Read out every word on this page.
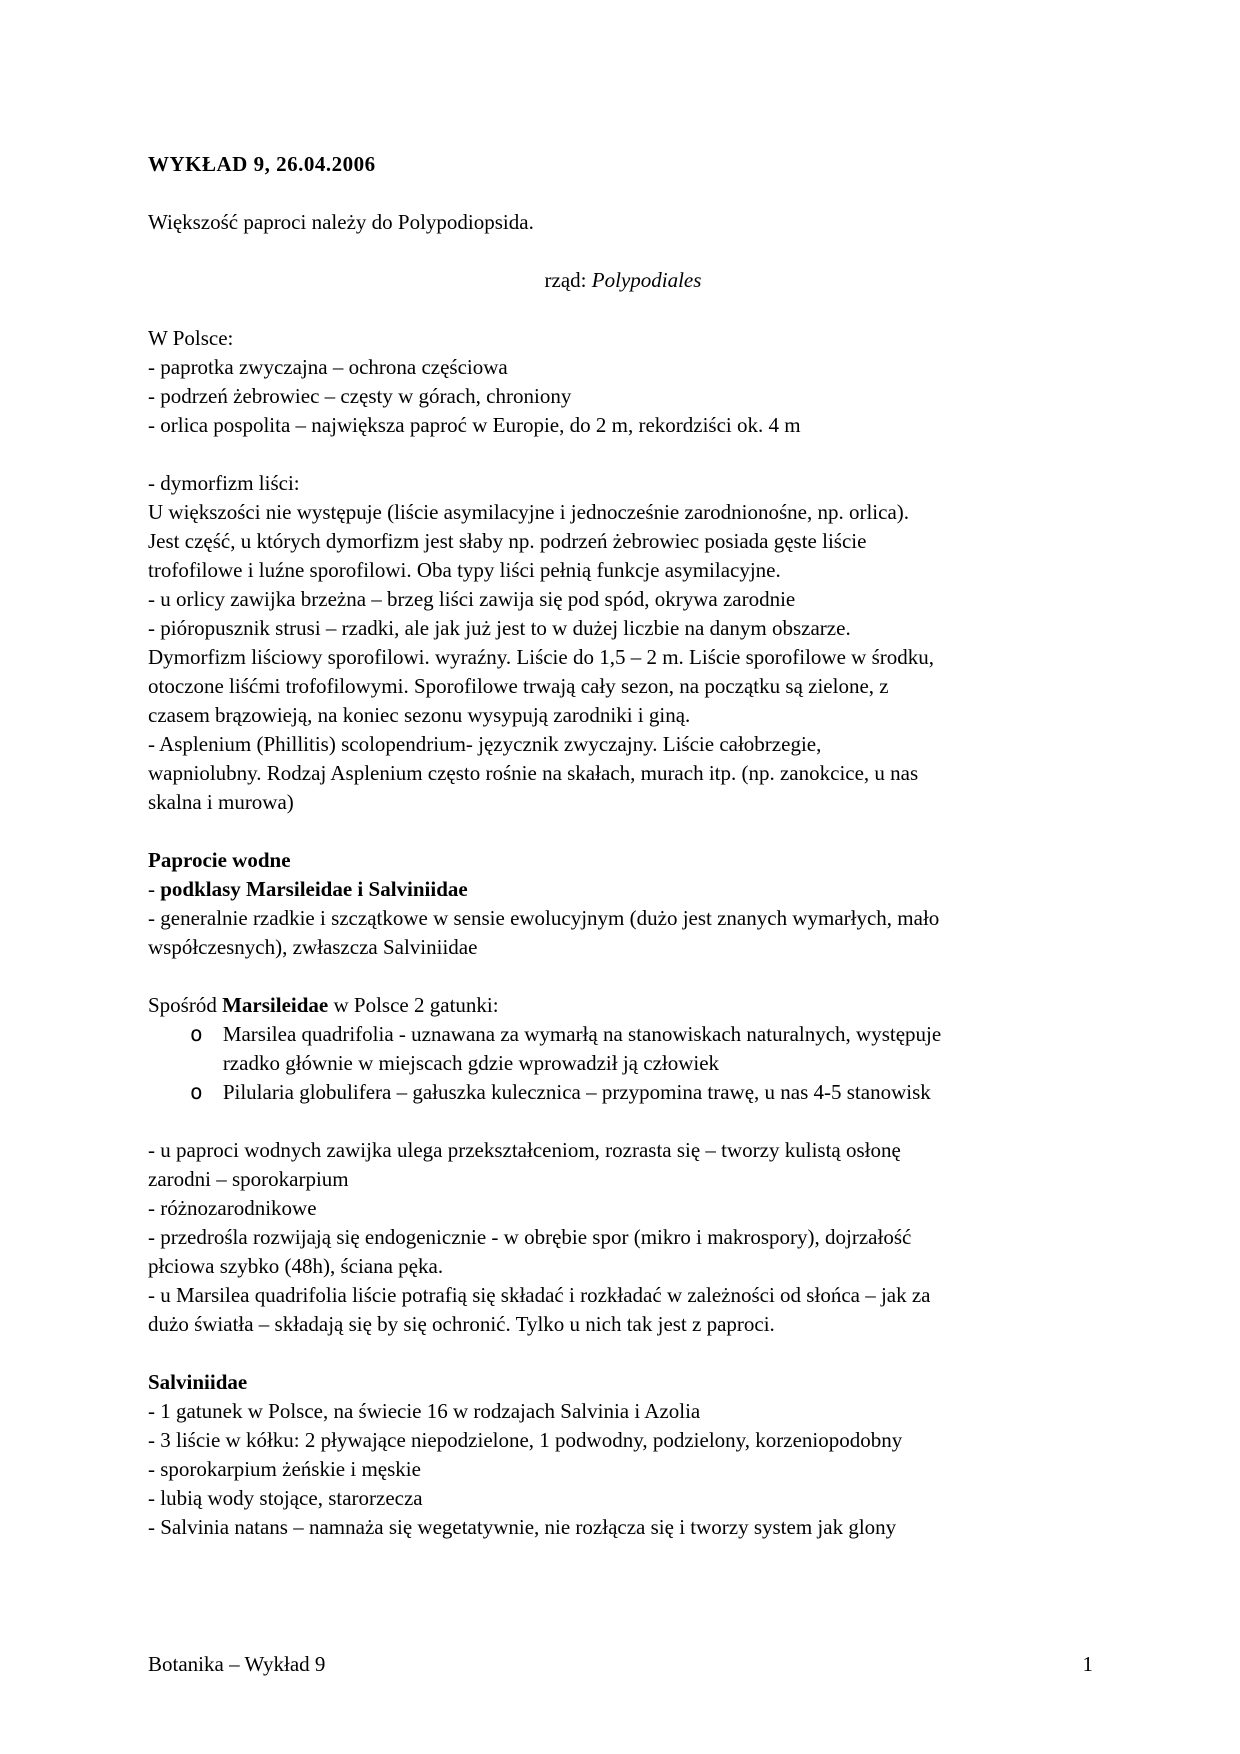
WYKŁAD 9, 26.04.2006
Większość paproci należy do Polypodiopsida.
rząd: Polypodiales
W Polsce:
- paprotka zwyczajna – ochrona częściowa
- podrzeń żebrowiec – częsty w górach, chroniony
- orlica pospolita – największa paproć w Europie, do 2 m, rekordziści ok. 4 m
- dymorfizm liści:
U większości nie występuje (liście asymilacyjne i jednocześnie zarodnionośne, np. orlica).
Jest część, u których dymorfizm jest słaby np. podrzeń żebrowiec posiada gęste liście
trofofilowe i luźne sporofilowi. Oba typy liści pełnią funkcje asymilacyjne.
- u orlicy zawijka brzeżna – brzeg liści zawija się pod spód, okrywa zarodnie
- pióropusznik strusi – rzadki, ale jak już jest to w dużej liczbie na danym obszarze.
Dymorfizm liściowy sporofilowi. wyraźny. Liście do 1,5 – 2 m. Liście sporofilowe w środku,
otoczone liśćmi trofofilowymi. Sporofilowe trwają cały sezon, na początku są zielone, z
czasem brązowieją, na koniec sezonu wysypują zarodniki i giną.
- Asplenium (Phillitis) scolopendrium- języcznik zwyczajny. Liście całobrzegie,
wapniolubny. Rodzaj Asplenium często rośnie na skałach, murach itp. (np. zanokcice, u nas
skalna i murowa)
Paprocie wodne
- podklasy Marsileidae i Salviniidae
- generalnie rzadkie i szczątkowe w sensie ewolucyjnym (dużo jest znanych wymarłych, mało
współczesnych), zwłaszcza Salviniidae
Spośród Marsileidae w Polsce 2 gatunki:
o Marsilea quadrifolia - uznawana za wymarłą na stanowiskach naturalnych, występuje
rzadko głównie w miejscach gdzie wprowadził ją człowiek
o Pilularia globulifera – gałuszka kulecznica – przypomina trawę, u nas 4-5 stanowisk
- u paproci wodnych zawijka ulega przekształceniom, rozrasta się – tworzy kulistą osłonę
zarodni – sporokarpium
- różnozarodnikowe
- przedrośla rozwijają się endogenicznie - w obrębie spor (mikro i makrospory), dojrzałość
płciowa szybko (48h), ściana pęka.
- u Marsilea quadrifolia liście potrafią się składać i rozkładać w zależności od słońca – jak za
dużo światła – składają się by się ochronić. Tylko u nich tak jest z paproci.
Salviniidae
- 1 gatunek w Polsce, na świecie 16 w rodzajach Salvinia i Azolia
- 3 liście w kółku: 2 pływające niepodzielone, 1 podwodny, podzielony, korzeniopodobny
- sporokarpium żeńskie i męskie
- lubią wody stojące, starorzecza
- Salvinia natans – namnaża się wegetatywnie, nie rozłącza się i tworzy system jak glony
Botanika – Wykład 9	1
